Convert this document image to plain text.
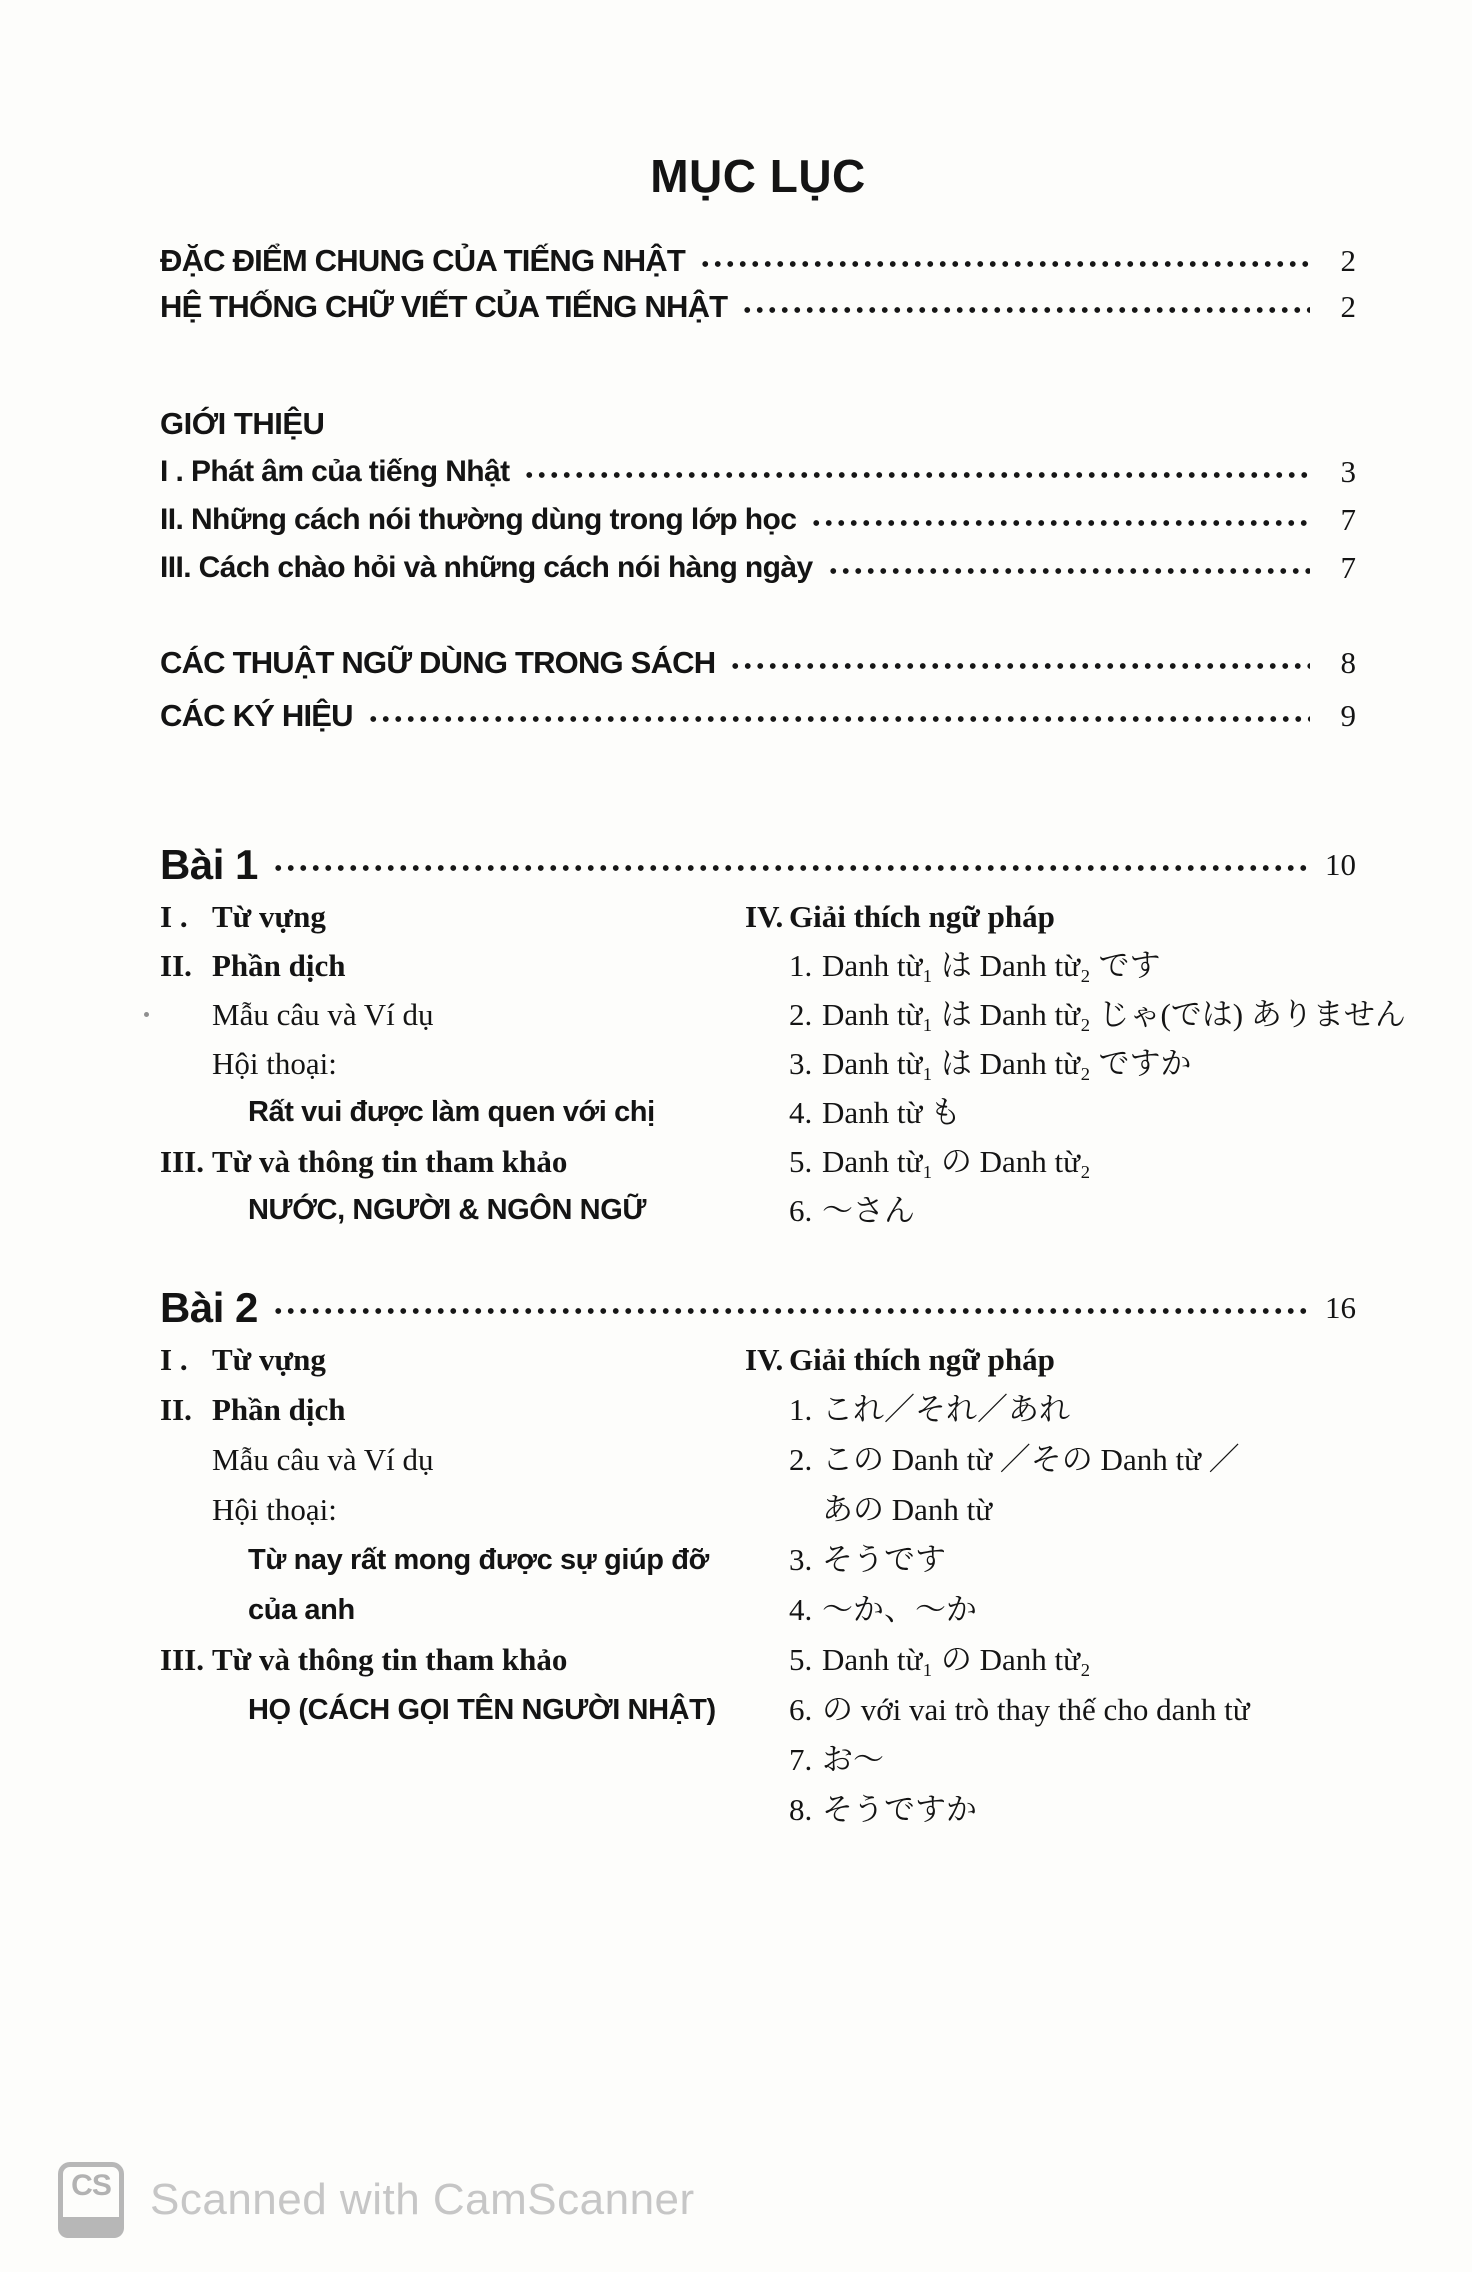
MỤC LỤC
ĐẶC ĐIỂM CHUNG CỦA TIẾNG NHẬT	2
HỆ THỐNG CHỮ VIẾT CỦA TIẾNG NHẬT	2
GIỚI THIỆU
I . Phát âm của tiếng Nhật	3
II. Những cách nói thường dùng trong lớp học	7
III. Cách chào hỏi và những cách nói hàng ngày	7
CÁC THUẬT NGỮ DÙNG TRONG SÁCH	8
CÁC KÝ HIỆU	9
Bài 1	10
I . Từ vựng
II. Phần dịch
Mẫu câu và Ví dụ
Hội thoại:
Rất vui được làm quen với chị
III. Từ và thông tin tham khảo
NƯỚC, NGƯỜI & NGÔN NGỮ
IV. Giải thích ngữ pháp
1. Danh từ₁ は Danh từ₂ です
2. Danh từ₁ は Danh từ₂ じゃ(では) ありません
3. Danh từ₁ は Danh từ₂ ですか
4. Danh từ も
5. Danh từ₁ の Danh từ₂
6. ～さん
Bài 2	16
I . Từ vựng
II. Phần dịch
Mẫu câu và Ví dụ
Hội thoại:
Từ nay rất mong được sự giúp đỡ
của anh
III. Từ và thông tin tham khảo
HỌ (CÁCH GỌI TÊN NGƯỜI NHẬT)
IV. Giải thích ngữ pháp
1. これ／それ／あれ
2. この Danh từ ／その Danh từ ／
あの Danh từ
3. そうです
4. ～か、～か
5. Danh từ₁ の Danh từ₂
6. の với vai trò thay thế cho danh từ
7. お～
8. そうですか
CS Scanned with CamScanner
